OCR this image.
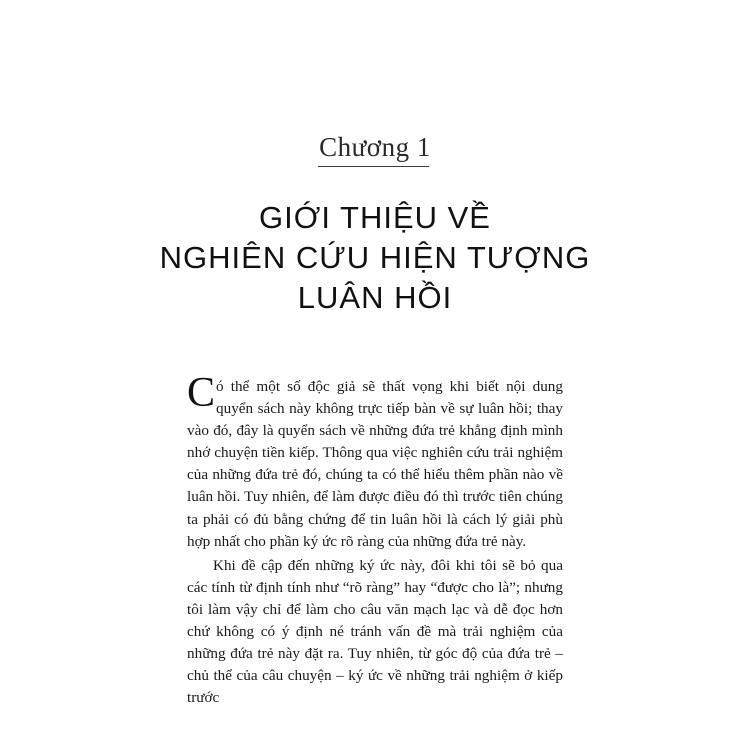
Chương 1
GIỚI THIỆU VỀ
NGHIÊN CỨU HIỆN TƯỢNG
LUÂN HỒI

Có thể một số độc giả sẽ thất vọng khi biết nội dung quyển sách này không trực tiếp bàn về sự luân hồi; thay vào đó, đây là quyển sách về những đứa trẻ khẳng định mình nhớ chuyện tiền kiếp. Thông qua việc nghiên cứu trải nghiệm của những đứa trẻ đó, chúng ta có thể hiểu thêm phần nào về luân hồi. Tuy nhiên, để làm được điều đó thì trước tiên chúng ta phải có đủ bằng chứng để tin luân hồi là cách lý giải phù hợp nhất cho phần ký ức rõ ràng của những đứa trẻ này.

Khi đề cập đến những ký ức này, đôi khi tôi sẽ bỏ qua các tính từ định tính như “rõ ràng” hay “được cho là”; nhưng tôi làm vậy chỉ để làm cho câu văn mạch lạc và dễ đọc hơn chứ không có ý định né tránh vấn đề mà trải nghiệm của những đứa trẻ này đặt ra. Tuy nhiên, từ góc độ của đứa trẻ – chủ thể của câu chuyện – ký ức về những trải nghiệm ở kiếp trước
